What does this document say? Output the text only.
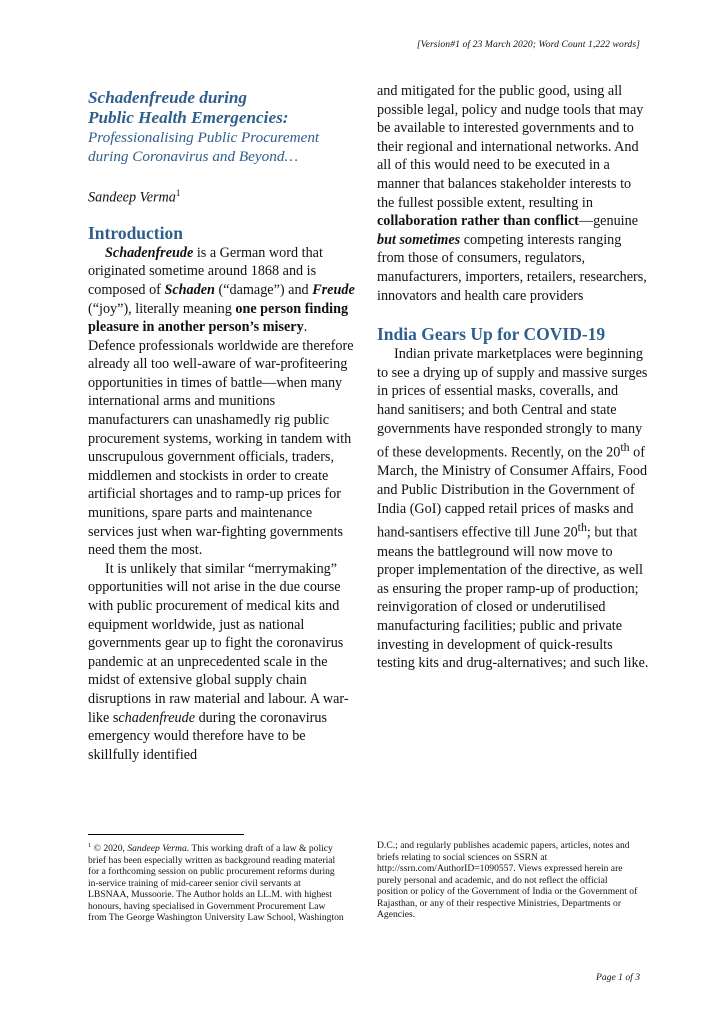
[Version#1 of 23 March 2020; Word Count 1,222 words]
Schadenfreude during
Public Health Emergencies:
Professionalising Public Procurement
during Coronavirus and Beyond…
Sandeep Verma$^1$
Introduction

Schadenfreude is a German word that originated sometime around 1868 and is composed of Schaden (“damage”) and Freude (“joy”), literally meaning one person finding pleasure in another person’s misery. Defence professionals worldwide are therefore already all too well-aware of war-profiteering opportunities in times of battle—when many international arms and munitions manufacturers can unashamedly rig public procurement systems, working in tandem with unscrupulous government officials, traders, middlemen and stockists in order to create artificial shortages and to ramp-up prices for munitions, spare parts and maintenance services just when war-fighting governments need them the most.

It is unlikely that similar “merrymaking” opportunities will not arise in the due course with public procurement of medical kits and equipment worldwide, just as national governments gear up to fight the coronavirus pandemic at an unprecedented scale in the midst of extensive global supply chain disruptions in raw material and labour. A war-like schadenfreude during the coronavirus emergency would therefore have to be skillfully identified

and mitigated for the public good, using all possible legal, policy and nudge tools that may be available to interested governments and to their regional and international networks. And all of this would need to be executed in a manner that balances stakeholder interests to the fullest possible extent, resulting in collaboration rather than conflict—genuine but sometimes competing interests ranging from those of consumers, regulators, manufacturers, importers, retailers, researchers, innovators and health care providers

India Gears Up for COVID-19

Indian private marketplaces were beginning to see a drying up of supply and massive surges in prices of essential masks, coveralls, and hand sanitisers; and both Central and state governments have responded strongly to many of these developments. Recently, on the 20th of March, the Ministry of Consumer Affairs, Food and Public Distribution in the Government of India (GoI) capped retail prices of masks and hand-santisers effective till June 20th; but that means the battleground will now move to proper implementation of the directive, as well as ensuring the proper ramp-up of production; reinvigoration of closed or underutilised manufacturing facilities; public and private investing in development of quick-results testing kits and drug-alternatives; and such like.

$^1$ © 2020, Sandeep Verma. This working draft of a law & policy brief has been especially written as background reading material for a forthcoming session on public procurement reforms during in-service training of mid-career senior civil servants at LBSNAA, Mussoorie. The Author holds an LL.M. with highest honours, having specialised in Government Procurement Law from The George Washington University Law School, Washington
D.C.; and regularly publishes academic papers, articles, notes and briefs relating to social sciences on SSRN at http://ssrn.com/AuthorID=1090557. Views expressed herein are purely personal and academic, and do not reflect the official position or policy of the Government of India or the Government of Rajasthan, or any of their respective Ministries, Departments or Agencies.
Page 1 of 3
